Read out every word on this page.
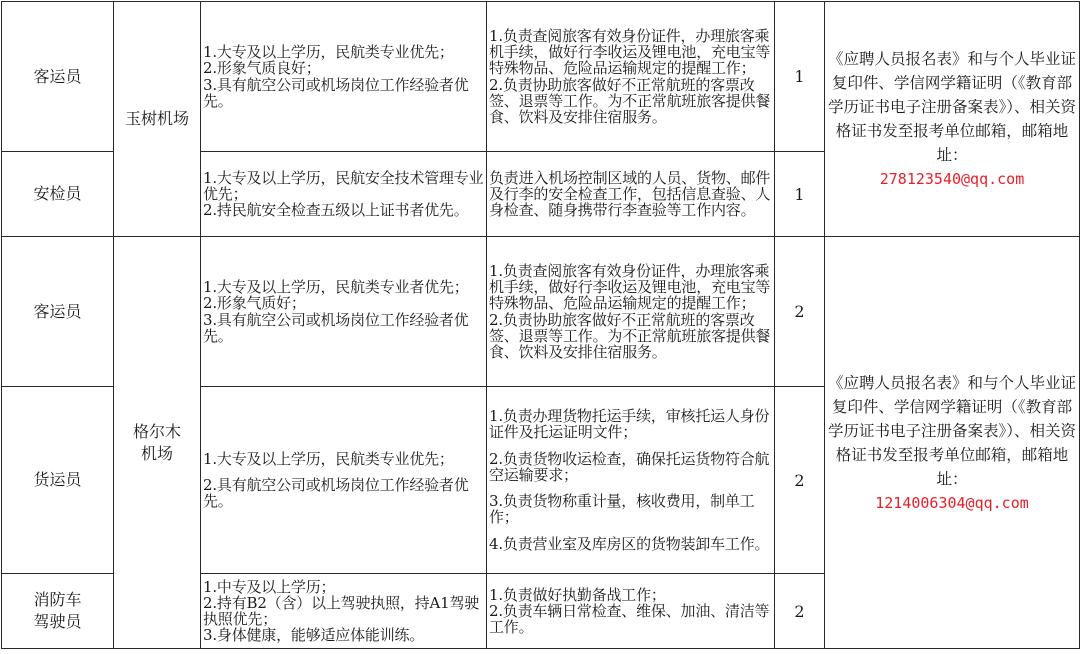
客运员	玉树机场	1.大专及以上学历，民航类专业优先；
2.形象气质良好；
3.具有航空公司或机场岗位工作经验者优先。	1.负责查阅旅客有效身份证件，办理旅客乘机手续，做好行李收运及锂电池，充电宝等特殊物品、危险品运输规定的提醒工作；
2.负责协助旅客做好不正常航班的客票改签、退票等工作。为不正常航班旅客提供餐食、饮料及安排住宿服务。	1	《应聘人员报名表》和与个人毕业证复印件、学信网学籍证明（《教育部学历证书电子注册备案表》）、相关资格证书发至报考单位邮箱，邮箱地址：
278123540@qq.com

安检员		1.大专及以上学历，民航安全技术管理专业优先；
2.持民航安全检查五级以上证书者优先。	负责进入机场控制区域的人员、货物、邮件及行李的安全检查工作，包括信息查验、人身检查、随身携带行李查验等工作内容。	1	
客运员	格尔木
机场	1.大专及以上学历，民航类专业者优先；
2.形象气质好；
3.具有航空公司或机场岗位工作经验者优先。	1.负责查阅旅客有效身份证件，办理旅客乘机手续，做好行李收运及锂电池，充电宝等特殊物品、危险品运输规定的提醒工作；
2.负责协助旅客做好不正常航班的客票改签、退票等工作。为不正常航班旅客提供餐食、饮料及安排住宿服务。	2	《应聘人员报名表》和与个人毕业证复印件、学信网学籍证明（《教育部学历证书电子注册备案表》）、相关资格证书发至报考单位邮箱，邮箱地址：
1214006304@qq.com

货运员		1.大专及以上学历，民航类专业优先；
2.具有航空公司或机场岗位工作经验者优先。	1.负责办理货物托运手续，审核托运人身份证件及托运证明文件；
2.负责货物收运检查，确保托运货物符合航空运输要求；
3.负责货物称重计量，核收费用，制单工作；
4.负责营业室及库房区的货物装卸车工作。	2	

消防车
驾驶员		1.中专及以上学历；
2.持有B2（含）以上驾驶执照，持A1驾驶执照优先；
3.身体健康，能够适应体能训练。	1.负责做好执勤备战工作；
2.负责车辆日常检查、维保、加油、清洁等工作。	2	
